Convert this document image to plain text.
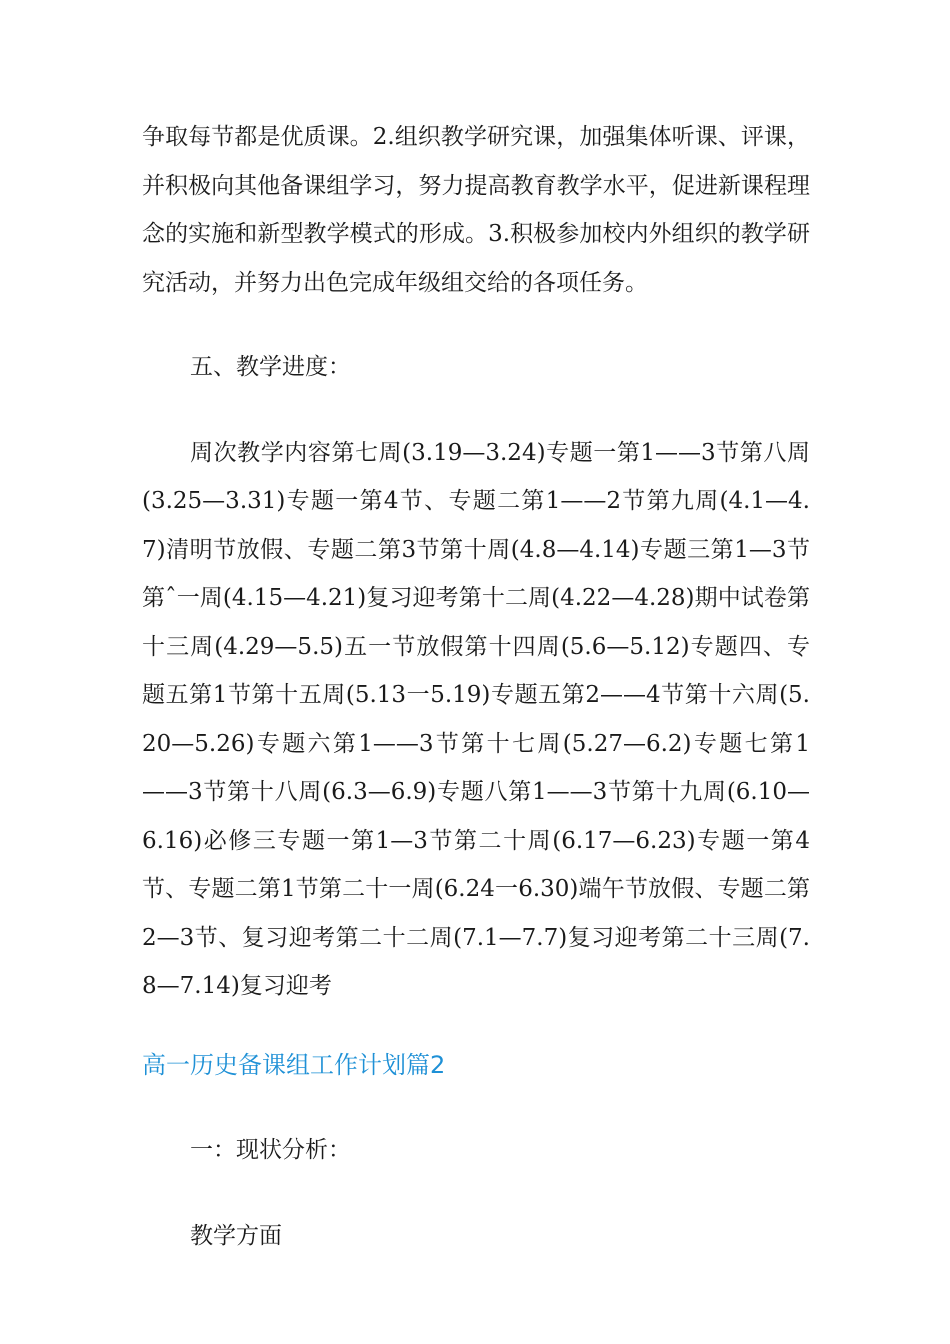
争取每节都是优质课。2.组织教学研究课，加强集体听课、评课，并积极向其他备课组学习，努力提高教育教学水平，促进新课程理念的实施和新型教学模式的形成。3.积极参加校内外组织的教学研究活动，并努力出色完成年级组交给的各项任务。

五、教学进度：

周次教学内容第七周(3.19—3.24)专题一第1——3节第八周(3.25—3.31)专题一第4节、专题二第1——2节第九周(4.1—4.7)清明节放假、专题二第3节第十周(4.8—4.14)专题三第1—3节第ˆ一周(4.15—4.21)复习迎考第十二周(4.22—4.28)期中试卷第十三周(4.29—5.5)五一节放假第十四周(5.6—5.12)专题四、专题五第1节第十五周(5.13一5.19)专题五第2——4节第十六周(5.20—5.26)专题六第1——3节第十七周(5.27—6.2)专题七第1——3节第十八周(6.3—6.9)专题八第1——3节第十九周(6.10—6.16)必修三专题一第1—3节第二十周(6.17—6.23)专题一第4节、专题二第1节第二十一周(6.24一6.30)端午节放假、专题二第2—3节、复习迎考第二十二周(7.1—7.7)复习迎考第二十三周(7.8—7.14)复习迎考

高一历史备课组工作计划篇2

一：现状分析：

教学方面
